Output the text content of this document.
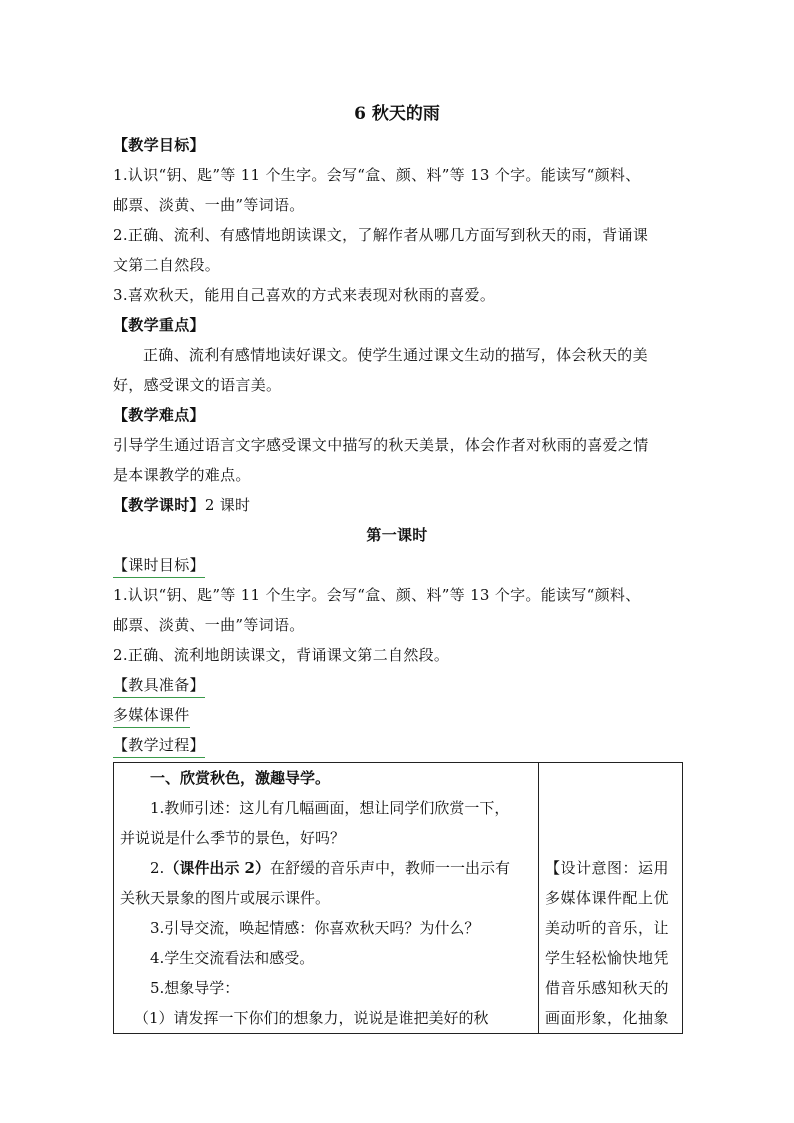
6 秋天的雨
【教学目标】
1.认识“钥、匙”等 11 个生字。会写“盒、颜、料”等 13 个字。能读写“颜料、
邮票、淡黄、一曲”等词语。
2.正确、流利、有感情地朗读课文，了解作者从哪几方面写到秋天的雨，背诵课
文第二自然段。
3.喜欢秋天，能用自己喜欢的方式来表现对秋雨的喜爱。
【教学重点】
正确、流利有感情地读好课文。使学生通过课文生动的描写，体会秋天的美
好，感受课文的语言美。
【教学难点】
引导学生通过语言文字感受课文中描写的秋天美景，体会作者对秋雨的喜爱之情
是本课教学的难点。
【教学课时】2 课时
第一课时
【课时目标】
1.认识“钥、匙”等 11 个生字。会写“盒、颜、料”等 13 个字。能读写“颜料、
邮票、淡黄、一曲”等词语。
2.正确、流利地朗读课文，背诵课文第二自然段。
【教具准备】
多媒体课件
【教学过程】
一、欣赏秋色，激趣导学。
1.教师引述：这儿有几幅画面，想让同学们欣赏一下，
并说说是什么季节的景色，好吗？
2.（课件出示 2）在舒缓的音乐声中，教师一一出示有
关秋天景象的图片或展示课件。
3.引导交流，唤起情感：你喜欢秋天吗？为什么？
4.学生交流看法和感受。
5.想象导学：
（1）请发挥一下你们的想象力，说说是谁把美好的秋

【设计意图：运用
多媒体课件配上优
美动听的音乐，让
学生轻松愉快地凭
借音乐感知秋天的
画面形象，化抽象
